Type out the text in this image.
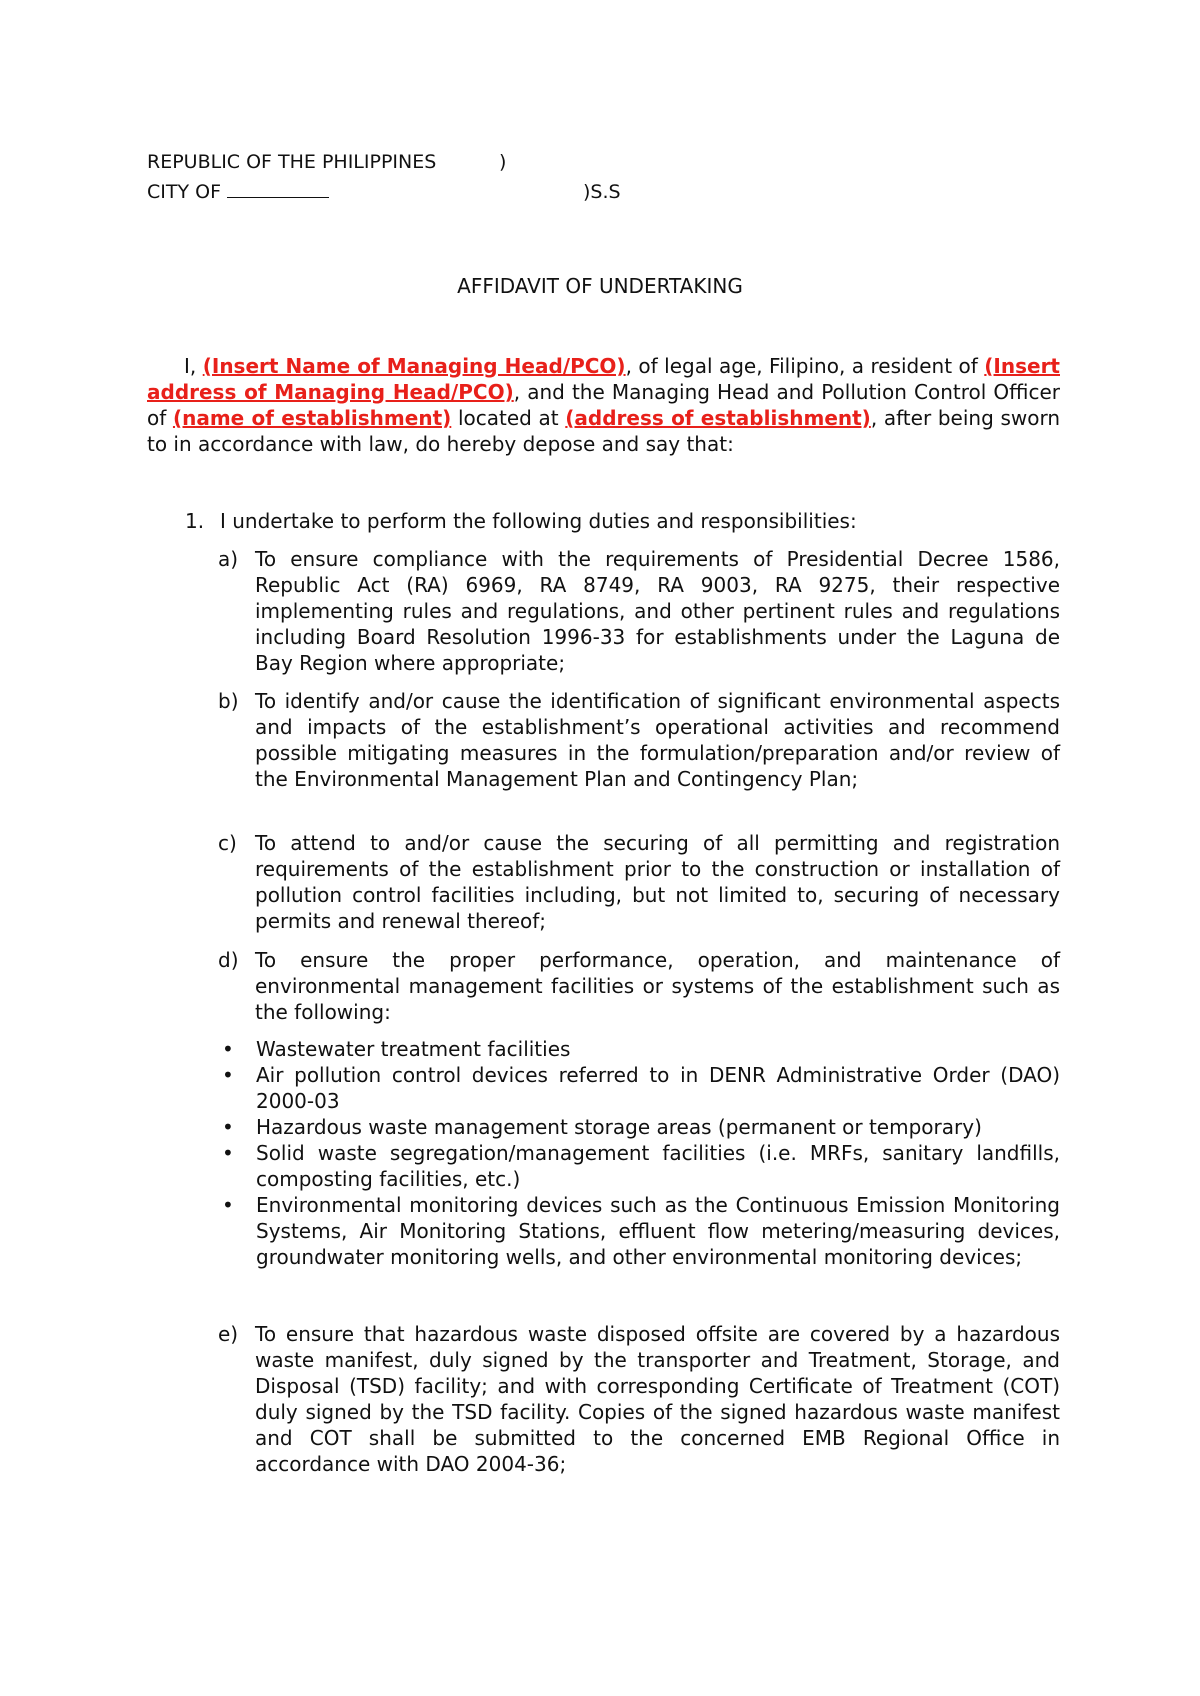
REPUBLIC OF THE PHILIPPINES	)
CITY OF	)S.S
AFFIDAVIT OF UNDERTAKING

I, (Insert Name of Managing Head/PCO), of legal age, Filipino, a resident of (Insert address of Managing Head/PCO), and the Managing Head and Pollution Control Officer of (name of establishment) located at (address of establishment), after being sworn to in accordance with law, do hereby depose and say that:

1. I undertake to perform the following duties and responsibilities:
a) To ensure compliance with the requirements of Presidential Decree 1586, Republic Act (RA) 6969, RA 8749, RA 9003, RA 9275, their respective implementing rules and regulations, and other pertinent rules and regulations including Board Resolution 1996-33 for establishments under the Laguna de Bay Region where appropriate;
b) To identify and/or cause the identification of significant environmental aspects and impacts of the establishment’s operational activities and recommend possible mitigating measures in the formulation/preparation and/or review of the Environmental Management Plan and Contingency Plan;
c) To attend to and/or cause the securing of all permitting and registration requirements of the establishment prior to the construction or installation of pollution control facilities including, but not limited to, securing of necessary permits and renewal thereof;
d) To ensure the proper performance, operation, and maintenance of environmental management facilities or systems of the establishment such as the following:
• Wastewater treatment facilities
• Air pollution control devices referred to in DENR Administrative Order (DAO) 2000-03
• Hazardous waste management storage areas (permanent or temporary)
• Solid waste segregation/management facilities (i.e. MRFs, sanitary landfills, composting facilities, etc.)
• Environmental monitoring devices such as the Continuous Emission Monitoring Systems, Air Monitoring Stations, effluent flow metering/measuring devices, groundwater monitoring wells, and other environmental monitoring devices;
e) To ensure that hazardous waste disposed offsite are covered by a hazardous waste manifest, duly signed by the transporter and Treatment, Storage, and Disposal (TSD) facility; and with corresponding Certificate of Treatment (COT) duly signed by the TSD facility. Copies of the signed hazardous waste manifest and COT shall be submitted to the concerned EMB Regional Office in accordance with DAO 2004-36;
